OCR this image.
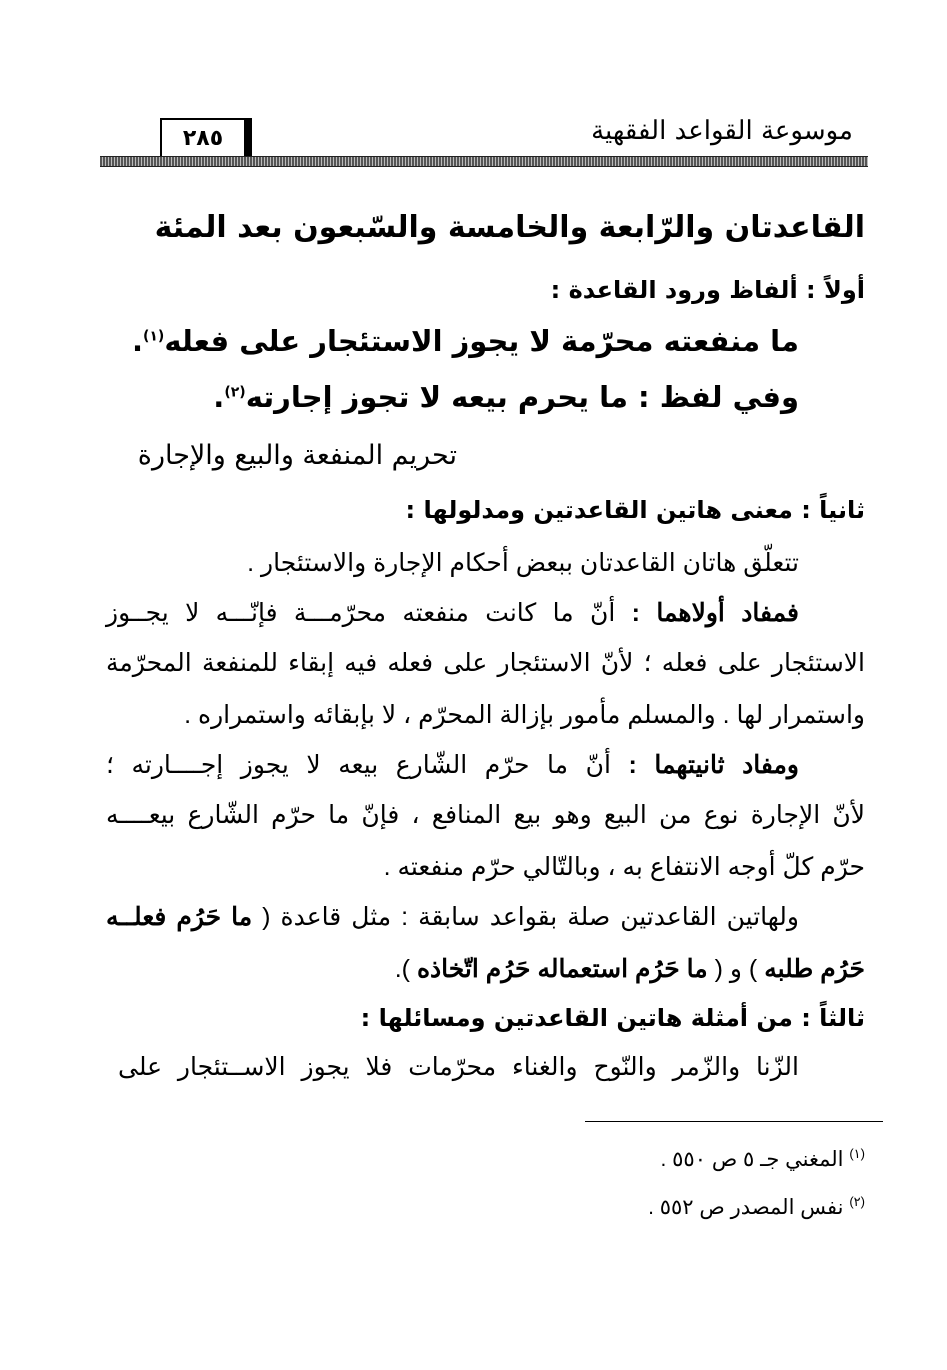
موسوعة القواعد الفقهية
٢٨٥
القاعدتان والرّابعة والخامسة والسّبعون بعد المئة
أولاً : ألفاظ ورود القاعدة :
ما منفعته محرّمة لا يجوز الاستئجار على فعله$^{(١)}$.
وفي لفظ : ما يحرم بيعه لا تجوز إجارته$^{(٢)}$.
تحريم المنفعة والبيع والإجارة
ثانياً : معنى هاتين القاعدتين ومدلولها :
تتعلّق هاتان القاعدتان ببعض أحكام الإجارة والاستئجار .
فمفاد أولاهما : أنّ ما كانت منفعته محرّمـــة فإنّـــه لا يجــوز
الاستئجار على فعله ؛ لأنّ الاستئجار على فعله فيه إبقاء للمنفعة المحرّمة
واستمرار لها . والمسلم مأمور بإزالة المحرّم ، لا بإبقائه واستمراره .
ومفاد ثانيتهما : أنّ ما حرّم الشّارع بيعه لا يجوز إجــــارته ؛
لأنّ الإجارة نوع من البيع وهو بيع المنافع ، فإنّ ما حرّم الشّارع بيعــــه
حرّم كلّ أوجه الانتفاع به ، وبالتّالي حرّم منفعته .
ولهاتين القاعدتين صلة بقواعد سابقة : مثل قاعدة ( ما حَرُم فعلــه
حَرُم طلبه ) و ( ما حَرُم استعماله حَرُم اتّخاذه ).
ثالثاً : من أمثلة هاتين القاعدتين ومسائلها :
الزّنا والزّمر والنّوح والغناء محرّمات فلا يجوز الاســتئجار على
$^{(١)}$ المغني جـ ٥ ص ٥٥٠ .
$^{(٢)}$ نفس المصدر ص ٥٥٢ .
